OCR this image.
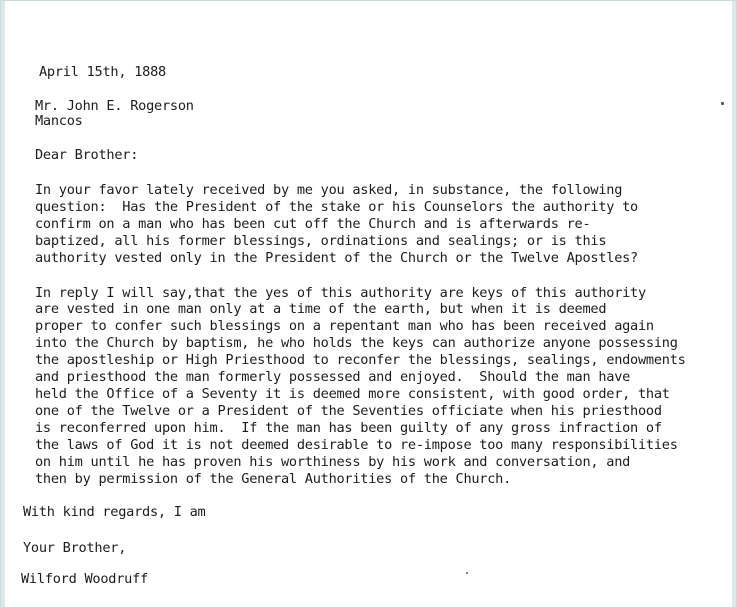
April 15th, 1888
Mr. John E. Rogerson
Mancos
Dear Brother:
In your favor lately received by me you asked, in substance, the following
question:  Has the President of the stake or his Counselors the authority to
confirm on a man who has been cut off the Church and is afterwards re-
baptized, all his former blessings, ordinations and sealings; or is this
authority vested only in the President of the Church or the Twelve Apostles?
In reply I will say,that the yes of this authority are keys of this authority
are vested in one man only at a time of the earth, but when it is deemed
proper to confer such blessings on a repentant man who has been received again
into the Church by baptism, he who holds the keys can authorize anyone possessing
the apostleship or High Priesthood to reconfer the blessings, sealings, endowments
and priesthood the man formerly possessed and enjoyed.  Should the man have
held the Office of a Seventy it is deemed more consistent, with good order, that
one of the Twelve or a President of the Seventies officiate when his priesthood
is reconferred upon him.  If the man has been guilty of any gross infraction of
the laws of God it is not deemed desirable to re-impose too many responsibilities
on him until he has proven his worthiness by his work and conversation, and
then by permission of the General Authorities of the Church.
With kind regards, I am
Your Brother,
Wilford Woodruff
